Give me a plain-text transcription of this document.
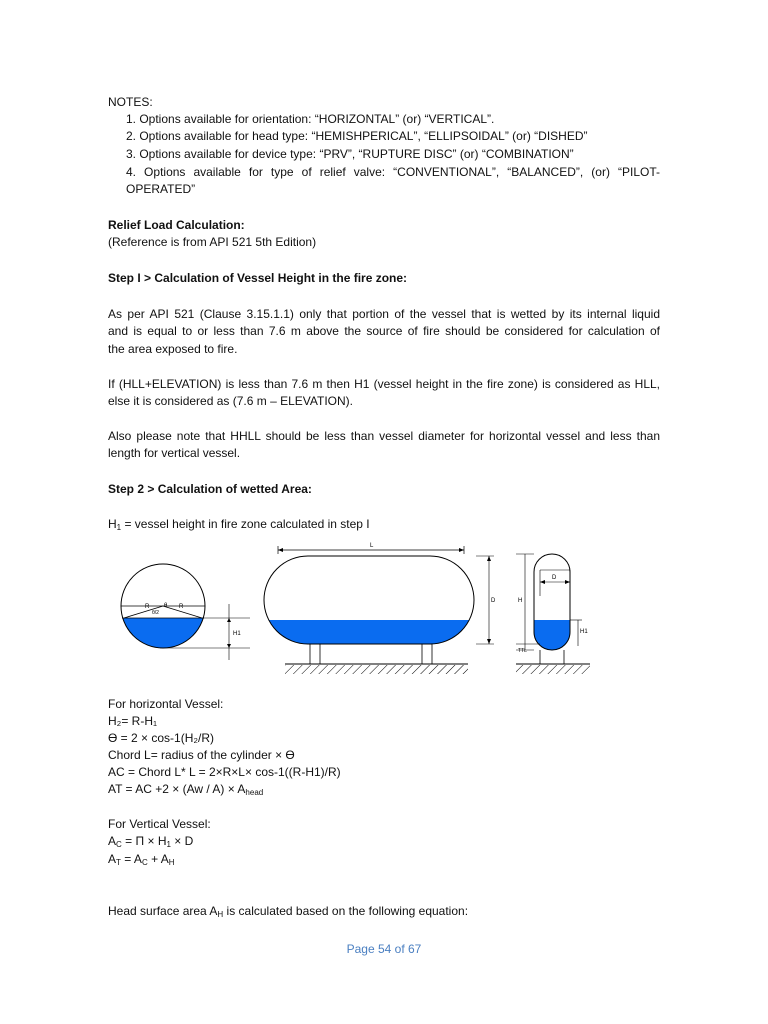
NOTES:
1. Options available for orientation: “HORIZONTAL” (or) “VERTICAL”.
2. Options available for head type: “HEMISHPERICAL”, “ELLIPSOIDAL” (or) “DISHED”
3. Options available for device type: “PRV”, “RUPTURE DISC” (or) “COMBINATION”
4. Options available for type of relief valve: “CONVENTIONAL”, “BALANCED”, (or) “PILOT-
OPERATED”
Relief Load Calculation:
(Reference is from API 521 5th Edition)
Step I > Calculation of Vessel Height in the fire zone:
As per API 521 (Clause 3.15.1.1) only that portion of the vessel that is wetted by its internal liquid
and is equal to or less than 7.6 m above the source of fire should be considered for calculation of
the area exposed to fire.
If (HLL+ELEVATION) is less than 7.6 m then H1 (vessel height in the fire zone) is considered as HLL,
else it is considered as (7.6 m – ELEVATION).
Also please note that HHLL should be less than vessel diameter for horizontal vessel and less than
length for vertical vessel.
Step 2 > Calculation of wetted Area:
$H_1$ = vessel height in fire zone calculated in step I
R	R
θ
θ/2
H1
L
D
D
H
H1
TTL
For horizontal Vessel:
H₂= R-H₁
Ɵ = 2 × cos-1(H₂/R)
Chord L= radius of the cylinder × Ɵ
AC = Chord L* L = 2×R×L× cos-1((R-H1)/R)
AT = AC $+2 \times (Aw / A) \times A_{head}$
For Vertical Vessel:
$A_C = \Pi \times H_1 \times D$
$A_T = A_C + A_H$
Head surface area $A_H$ is calculated based on the following equation:
Page 54 of 67
